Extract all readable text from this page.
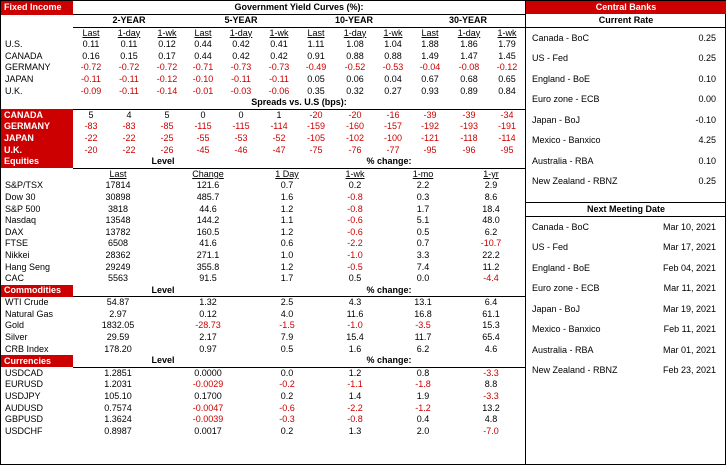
Fixed Income	Government Yield Curves (%):											
	2-YEAR			5-YEAR			10-YEAR			30-YEAR		
	Last	1-day	1-wk	Last	1-day	1-wk	Last	1-day	1-wk	Last	1-day	1-wk
U.S.	0.11	0.11	0.12	0.44	0.42	0.41	1.11	1.08	1.04	1.88	1.86	1.79
CANADA	0.16	0.15	0.17	0.44	0.42	0.42	0.91	0.88	0.88	1.49	1.47	1.45
GERMANY	-0.72	-0.72	-0.72	-0.71	-0.73	-0.73	-0.49	-0.52	-0.53	-0.04	-0.08	-0.12
JAPAN	-0.11	-0.11	-0.12	-0.10	-0.11	-0.11	0.05	0.06	0.04	0.67	0.68	0.65
U.K.	-0.09	-0.11	-0.14	-0.01	-0.03	-0.06	0.35	0.32	0.27	0.93	0.89	0.84
	Spreads vs. U.S (bps):											
CANADA	5	4	5	0	0	1	-20	-20	-16	-39	-39	-34
GERMANY	-83	-83	-85	-115	-115	-114	-159	-160	-157	-192	-193	-191
JAPAN	-22	-22	-25	-55	-53	-52	-105	-102	-100	-121	-118	-114
U.K.	-20	-22	-26	-45	-46	-47	-75	-76	-77	-95	-96	-95
Equities	Level		% change:			
	Last	Change	1 Day	1-wk	1-mo	1-yr
S&P/TSX	17814	121.6	0.7	0.2	2.2	2.9
Dow 30	30898	485.7	1.6	-0.8	0.3	8.6
S&P 500	3818	44.6	1.2	-0.8	1.7	18.4
Nasdaq	13548	144.2	1.1	-0.6	5.1	48.0
DAX	13782	160.5	1.2	-0.6	0.5	6.2
FTSE	6508	41.6	0.6	-2.2	0.7	-10.7
Nikkei	28362	271.1	1.0	-1.0	3.3	22.2
Hang Seng	29249	355.8	1.2	-0.5	7.4	11.2
CAC	5563	91.5	1.7	0.5	0.0	-4.4
Commodities	Level		% change:			
WTI Crude	54.87	1.32	2.5	4.3	13.1	6.4
Natural Gas	2.97	0.12	4.0	11.6	16.8	61.1
Gold	1832.05	-28.73	-1.5	-1.0	-3.5	15.3
Silver	29.59	2.17	7.9	15.4	11.7	65.4
CRB Index	178.20	0.97	0.5	1.6	6.2	4.6
Currencies	Level		% change:			
USDCAD	1.2851	0.0000	0.0	1.2	0.8	-3.3
EURUSD	1.2031	-0.0029	-0.2	-1.1	-1.8	8.8
USDJPY	105.10	0.1700	0.2	1.4	1.9	-3.3
AUDUSD	0.7574	-0.0047	-0.6	-2.2	-1.2	13.2
GBPUSD	1.3624	-0.0039	-0.3	-0.8	0.4	4.8
USDCHF	0.8987	0.0017	0.2	1.3	2.0	-7.0
Central Banks	
Current Rate	
Canada - BoC	0.25
US - Fed	0.25
England - BoE	0.10
Euro zone - ECB	0.00
Japan - BoJ	-0.10
Mexico - Banxico	4.25
Australia - RBA	0.10
New Zealand - RBNZ	0.25

Next Meeting Date	
Canada - BoC	Mar 10, 2021
US - Fed	Mar 17, 2021
England - BoE	Feb 04, 2021
Euro zone - ECB	Mar 11, 2021
Japan - BoJ	Mar 19, 2021
Mexico - Banxico	Feb 11, 2021
Australia - RBA	Mar 01, 2021
New Zealand - RBNZ	Feb 23, 2021
